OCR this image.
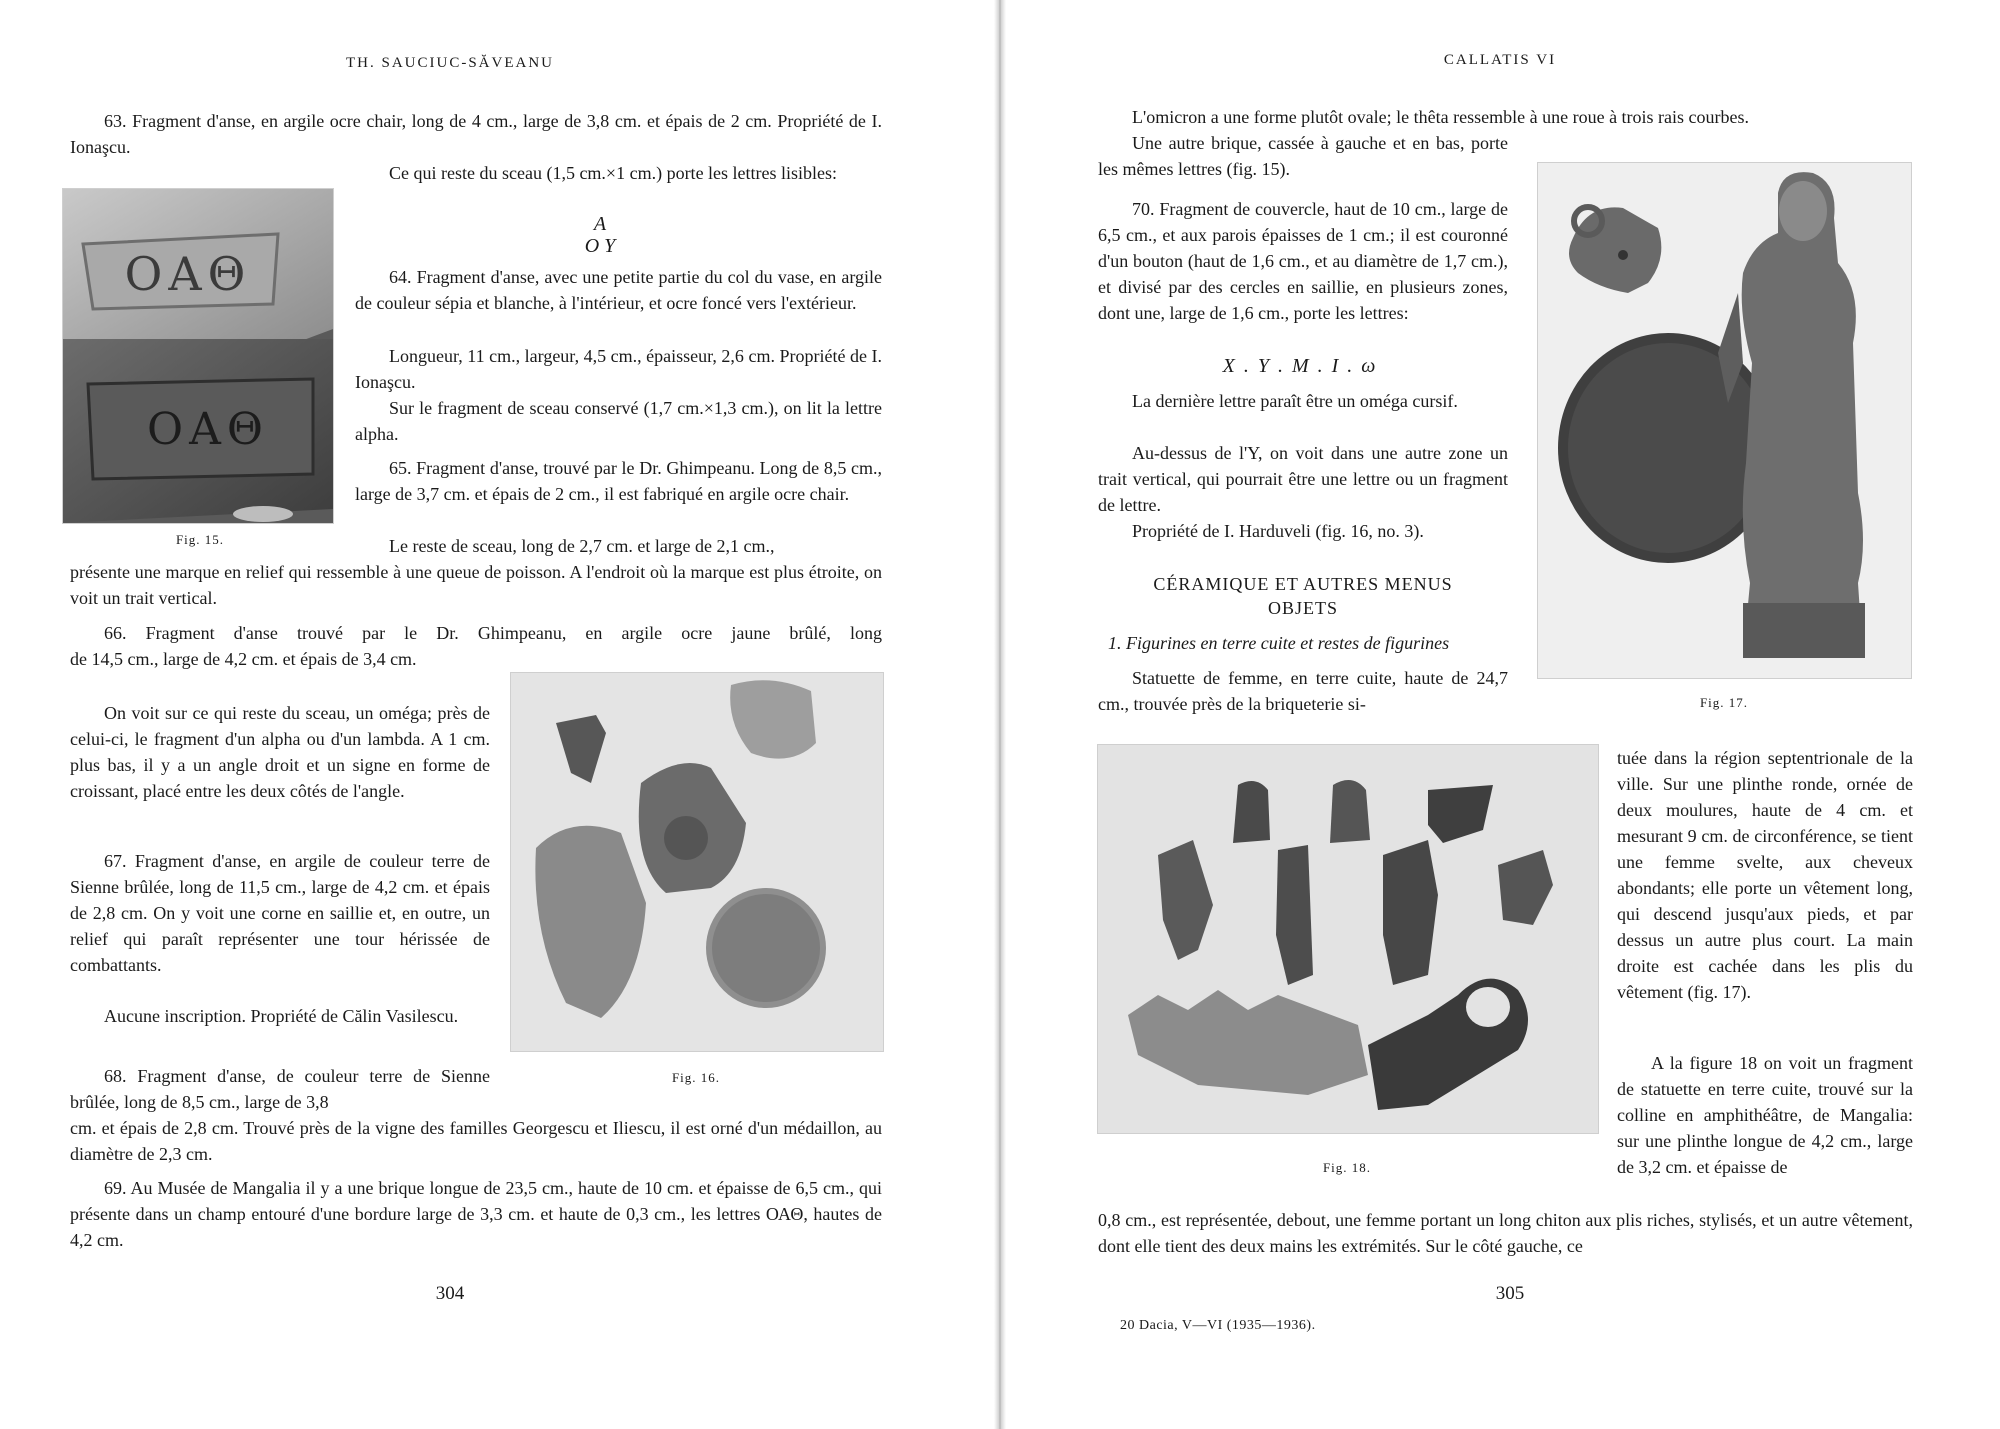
TH. SAUCIUC-SĂVEANU

63. Fragment d'anse, en argile ocre chair, long de 4 cm., large de 3,8 cm. et épais de 2 cm. Propriété de I. Ionaşcu.

ΟΑΘ
ΟΑΘ
Fig. 15.

Ce qui reste du sceau (1,5 cm.×1 cm.) porte les lettres lisibles:

A
O Y

64. Fragment d'anse, avec une petite partie du col du vase, en argile de couleur sépia et blanche, à l'intérieur, et ocre foncé vers l'extérieur.

Longueur, 11 cm., largeur, 4,5 cm., épaisseur, 2,6 cm. Propriété de I. Ionaşcu.

Sur le fragment de sceau conservé (1,7 cm.×1,3 cm.), on lit la lettre alpha.

65. Fragment d'anse, trouvé par le Dr. Ghimpeanu. Long de 8,5 cm., large de 3,7 cm. et épais de 2 cm., il est fabriqué en argile ocre chair.

Le reste de sceau, long de 2,7 cm. et large de 2,1 cm.,

présente une marque en relief qui ressemble à une queue de poisson. A l'endroit où la marque est plus étroite, on voit un trait vertical.

66. Fragment d'anse trouvé par le Dr. Ghimpeanu, en argile ocre jaune brûlé, long

de 14,5 cm., large de 4,2 cm. et épais de 3,4 cm.

On voit sur ce qui reste du sceau, un oméga; près de celui-ci, le fragment d'un alpha ou d'un lambda. A 1 cm. plus bas, il y a un angle droit et un signe en forme de croissant, placé entre les deux côtés de l'angle.

67. Fragment d'anse, en argile de couleur terre de Sienne brûlée, long de 11,5 cm., large de 4,2 cm. et épais de 2,8 cm. On y voit une corne en saillie et, en outre, un relief qui paraît représenter une tour hérissée de combattants.

Aucune inscription. Propriété de Călin Vasilescu.

68. Fragment d'anse, de couleur terre de Sienne brûlée, long de 8,5 cm., large de 3,8

Fig. 16.

cm. et épais de 2,8 cm. Trouvé près de la vigne des familles Georgescu et Iliescu, il est orné d'un médaillon, au diamètre de 2,3 cm.

69. Au Musée de Mangalia il y a une brique longue de 23,5 cm., haute de 10 cm. et épaisse de 6,5 cm., qui présente dans un champ entouré d'une bordure large de 3,3 cm. et haute de 0,3 cm., les lettres ΟΑΘ, hautes de 4,2 cm.

304
CALLATIS VI

L'omicron a une forme plutôt ovale; le thêta ressemble à une roue à trois rais courbes.

Une autre brique, cassée à gauche et en bas, porte les mêmes lettres (fig. 15).

70. Fragment de couvercle, haut de 10 cm., large de 6,5 cm., et aux parois épaisses de 1 cm.; il est couronné d'un bouton (haut de 1,6 cm., et au diamètre de 1,7 cm.), et divisé par des cercles en saillie, en plusieurs zones, dont une, large de 1,6 cm., porte les lettres:

X . Y . M . I . ω

La dernière lettre paraît être un oméga cursif.

Au-dessus de l'Y, on voit dans une autre zone un trait vertical, qui pourrait être une lettre ou un fragment de lettre.

Propriété de I. Harduveli (fig. 16, no. 3).

CÉRAMIQUE ET AUTRES MENUS OBJETS

1. Figurines en terre cuite et restes de figurines

Statuette de femme, en terre cuite, haute de 24,7 cm., trouvée près de la briqueterie si-	Fig. 17.
Fig. 18.

tuée dans la région septentrionale de la ville. Sur une plinthe ronde, ornée de deux moulures, haute de 4 cm. et mesurant 9 cm. de circonférence, se tient une femme svelte, aux cheveux abondants; elle porte un vêtement long, qui descend jusqu'aux pieds, et par dessus un autre plus court. La main droite est cachée dans les plis du vêtement (fig. 17).

A la figure 18 on voit un fragment de statuette en terre cuite, trouvé sur la colline en amphithéâtre, de Mangalia: sur une plinthe longue de 4,2 cm., large de 3,2 cm. et épaisse de

0,8 cm., est représentée, debout, une femme portant un long chiton aux plis riches, stylisés, et un autre vêtement, dont elle tient des deux mains les extrémités. Sur le côté gauche, ce

305
20 Dacia, V—VI (1935—1936).
